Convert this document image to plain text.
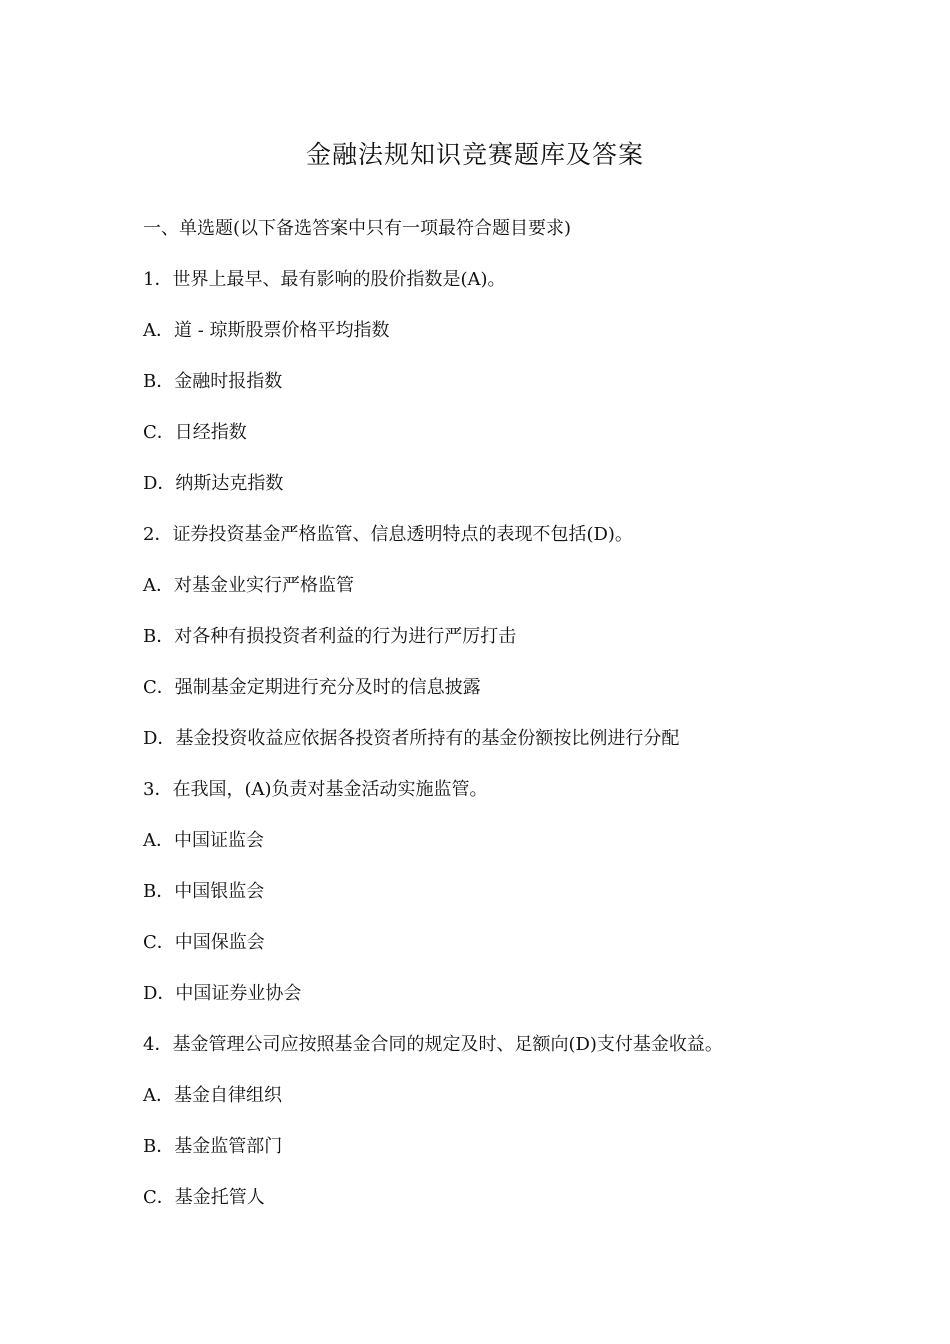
金融法规知识竞赛题库及答案
一、单选题(以下备选答案中只有一项最符合题目要求)
1．世界上最早、最有影响的股价指数是(A)。
A．道 - 琼斯股票价格平均指数
B．金融时报指数
C．日经指数
D．纳斯达克指数
2．证券投资基金严格监管、信息透明特点的表现不包括(D)。
A．对基金业实行严格监管
B．对各种有损投资者利益的行为进行严厉打击
C．强制基金定期进行充分及时的信息披露
D．基金投资收益应依据各投资者所持有的基金份额按比例进行分配
3．在我国，(A)负责对基金活动实施监管。
A．中国证监会
B．中国银监会
C．中国保监会
D．中国证券业协会
4．基金管理公司应按照基金合同的规定及时、足额向(D)支付基金收益。
A．基金自律组织
B．基金监管部门
C．基金托管人
